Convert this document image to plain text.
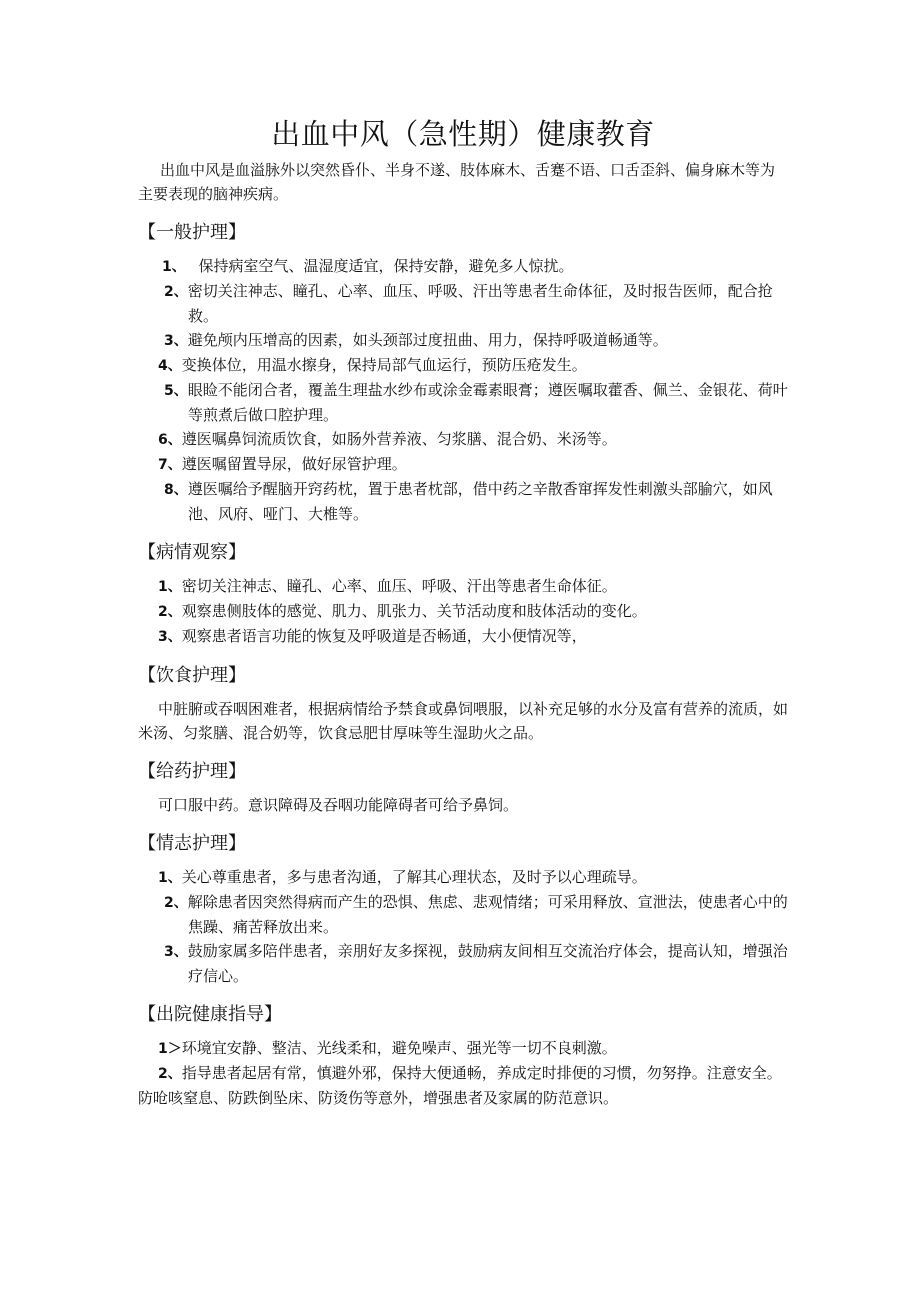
出血中风（急性期）健康教育

出血中风是血溢脉外以突然昏仆、半身不遂、肢体麻木、舌蹇不语、口舌歪斜、偏身麻木等为主要表现的脑神疾病。

【一般护理】
1、　 保持病室空气、温湿度适宜，保持安静，避免多人惊扰。
2、密切关注神志、瞳孔、心率、血压、呼吸、汗出等患者生命体征，及时报告医师，配合抢救。
3、避免颅内压增高的因素，如头颈部过度扭曲、用力，保持呼吸道畅通等。
4、变换体位，用温水擦身，保持局部气血运行，预防压疮发生。
5、眼睑不能闭合者，覆盖生理盐水纱布或涂金霉素眼膏；遵医嘱取藿香、佩兰、金银花、荷叶等煎煮后做口腔护理。
6、遵医嘱鼻饲流质饮食，如肠外营养液、匀浆膳、混合奶、米汤等。
7、遵医嘱留置导尿，做好尿管护理。
8、遵医嘱给予醒脑开窍药枕，置于患者枕部，借中药之辛散香窜挥发性刺激头部腧穴，如风池、风府、哑门、大椎等。
【病情观察】
1、密切关注神志、瞳孔、心率、血压、呼吸、汗出等患者生命体征。
2、观察患侧肢体的感觉、肌力、肌张力、关节活动度和肢体活动的变化。
3、观察患者语言功能的恢复及呼吸道是否畅通，大小便情况等，
【饮食护理】

中脏腑或吞咽困难者，根据病情给予禁食或鼻饲喂服，以补充足够的水分及富有营养的流质，如米汤、匀浆膳、混合奶等，饮食忌肥甘厚味等生湿助火之品。

【给药护理】

可口服中药。意识障碍及吞咽功能障碍者可给予鼻饲。

【情志护理】
1、关心尊重患者，多与患者沟通，了解其心理状态，及时予以心理疏导。
2、解除患者因突然得病而产生的恐惧、焦虑、悲观情绪；可采用释放、宣泄法，使患者心中的焦躁、痛苦释放出来。
3、鼓励家属多陪伴患者，亲朋好友多探视，鼓励病友间相互交流治疗体会，提高认知，增强治疗信心。
【出院健康指导】

1＞环境宜安静、整洁、光线柔和，避免噪声、强光等一切不良刺激。

2、指导患者起居有常，慎避外邪，保持大便通畅，养成定时排便的习惯，勿努挣。注意安全。防呛咳窒息、防跌倒坠床、防烫伤等意外，增强患者及家属的防范意识。
